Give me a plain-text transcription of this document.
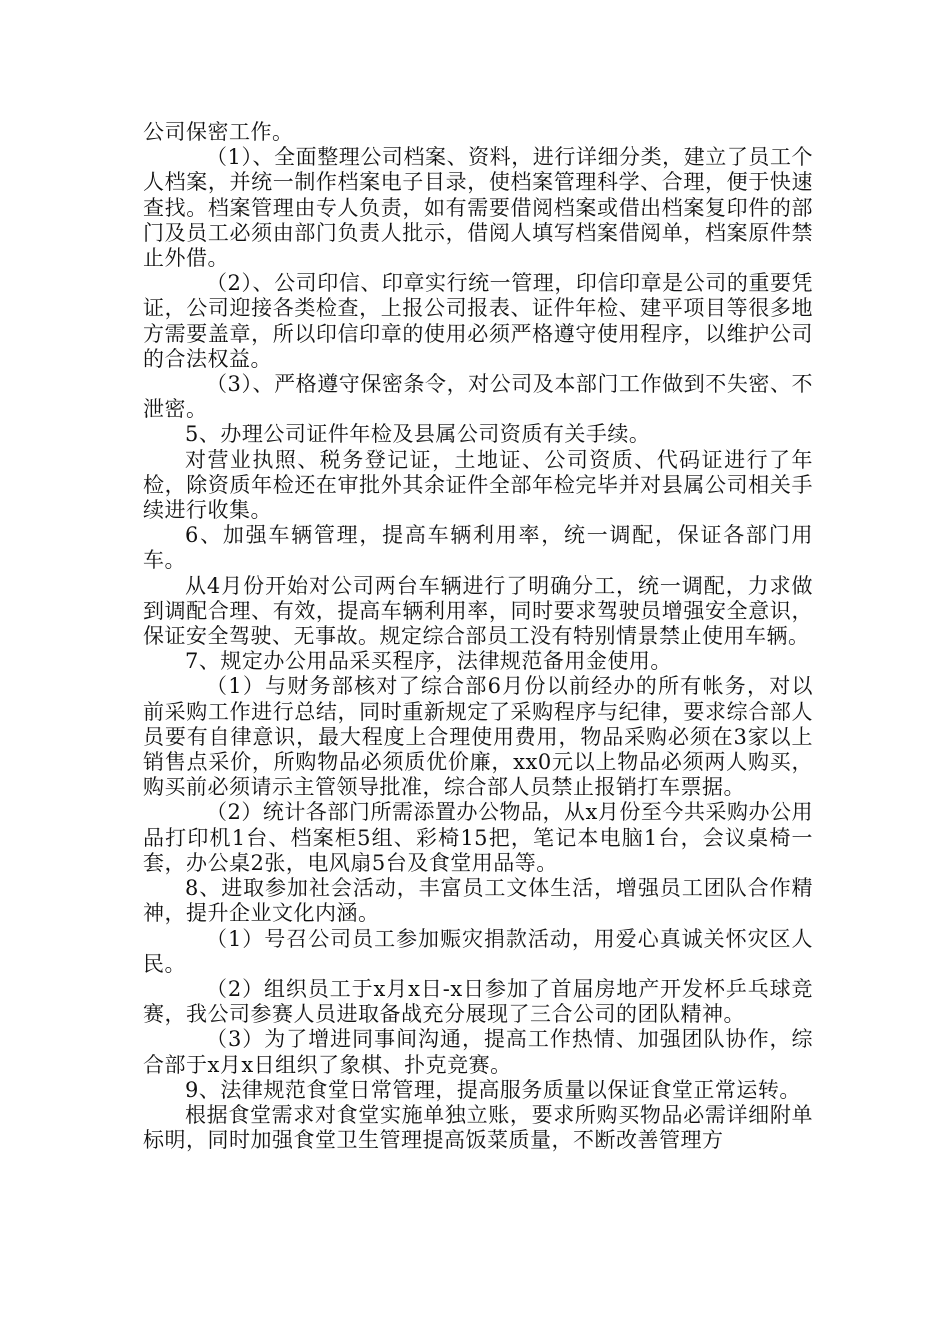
公司保密工作。

（1）、全面整理公司档案、资料，进行详细分类，建立了员工个人档案，并统一制作档案电子目录，使档案管理科学、合理，便于快速查找。档案管理由专人负责，如有需要借阅档案或借出档案复印件的部门及员工必须由部门负责人批示，借阅人填写档案借阅单，档案原件禁止外借。

（2）、公司印信、印章实行统一管理，印信印章是公司的重要凭证，公司迎接各类检查，上报公司报表、证件年检、建平项目等很多地方需要盖章，所以印信印章的使用必须严格遵守使用程序，以维护公司的合法权益。

（3）、严格遵守保密条令，对公司及本部门工作做到不失密、不泄密。

5、办理公司证件年检及县属公司资质有关手续。

对营业执照、税务登记证，土地证、公司资质、代码证进行了年检，除资质年检还在审批外其余证件全部年检完毕并对县属公司相关手续进行收集。

6、加强车辆管理，提高车辆利用率，统一调配，保证各部门用车。

从4月份开始对公司两台车辆进行了明确分工，统一调配，力求做到调配合理、有效，提高车辆利用率，同时要求驾驶员增强安全意识，保证安全驾驶、无事故。规定综合部员工没有特别情景禁止使用车辆。

7、规定办公用品采买程序，法律规范备用金使用。

（1）与财务部核对了综合部6月份以前经办的所有帐务，对以前采购工作进行总结，同时重新规定了采购程序与纪律，要求综合部人员要有自律意识，最大程度上合理使用费用，物品采购必须在3家以上销售点采价，所购物品必须质优价廉，xx0元以上物品必须两人购买，购买前必须请示主管领导批准，综合部人员禁止报销打车票据。

（2）统计各部门所需添置办公物品，从x月份至今共采购办公用品打印机1台、档案柜5组、彩椅15把，笔记本电脑1台，会议桌椅一套，办公桌2张，电风扇5台及食堂用品等。

8、进取参加社会活动，丰富员工文体生活，增强员工团队合作精神，提升企业文化内涵。

（1）号召公司员工参加赈灾捐款活动，用爱心真诚关怀灾区人民。

（2）组织员工于x月x日-x日参加了首届房地产开发杯乒乓球竞赛，我公司参赛人员进取备战充分展现了三合公司的团队精神。

（3）为了增进同事间沟通，提高工作热情、加强团队协作，综合部于x月x日组织了象棋、扑克竞赛。

9、法律规范食堂日常管理，提高服务质量以保证食堂正常运转。

根据食堂需求对食堂实施单独立账，要求所购买物品必需详细附单标明，同时加强食堂卫生管理提高饭菜质量，不断改善管理方
